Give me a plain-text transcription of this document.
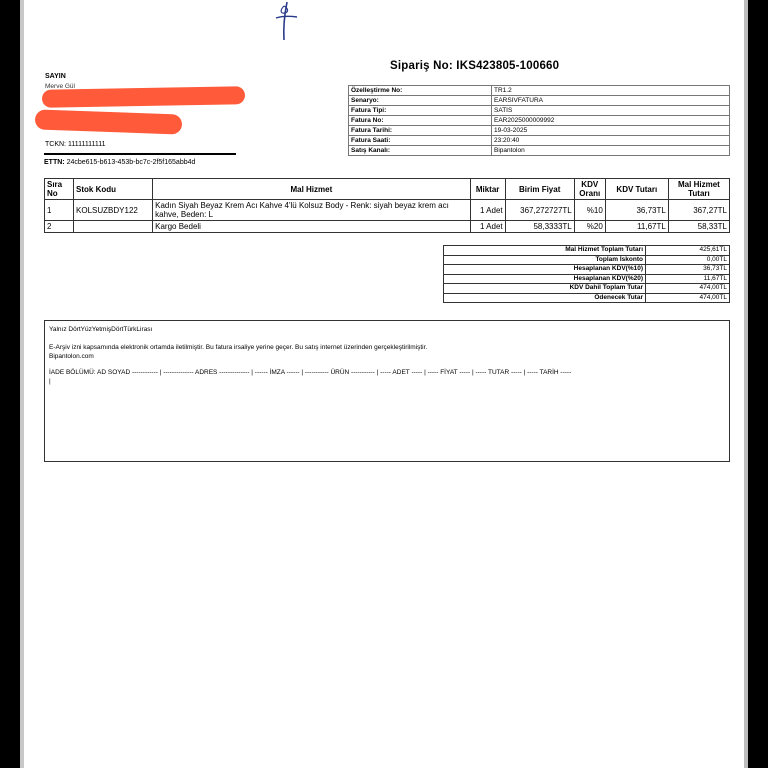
Sipariş No: IKS423805-100660
SAYIN
Merve Gül
TCKN: 11111111111
ETTN: 24cbe615-b613-453b-bc7c-2f5f165abb4d
Özelleştirme No:	TR1.2
Senaryo:	EARSIVFATURA
Fatura Tipi:	SATIS
Fatura No:	EAR2025000009992
Fatura Tarihi:	19-03-2025
Fatura Saati:	23:20:40
Satış Kanalı:	Bipantolon
Sıra No	Stok Kodu	Mal Hizmet	Miktar	Birim Fiyat	KDV Oranı	KDV Tutarı	Mal Hizmet Tutarı
1	KOLSUZBDY122	Kadın Siyah Beyaz Krem Acı Kahve 4'lü Kolsuz Body - Renk: siyah beyaz krem acı kahve, Beden: L	1 Adet	367,272727TL	%10	36,73TL	367,27TL
2		Kargo Bedeli	1 Adet	58,3333TL	%20	11,67TL	58,33TL
Mal Hizmet Toplam Tutarı	425,61TL
Toplam İskonto	0,00TL
Hesaplanan KDV(%10)	36,73TL
Hesaplanan KDV(%20)	11,67TL
KDV Dahil Toplam Tutar	474,00TL
Ödenecek Tutar	474,00TL
Yalnız DörtYüzYetmişDörtTürkLirası
E-Arşiv izni kapsamında elektronik ortamda iletilmiştir. Bu fatura irsaliye yerine geçer. Bu satış internet üzerinden gerçekleştirilmiştir.
Bipantolon.com
İADE BÖLÜMÜ: AD SOYAD ------------ | -------------- ADRES -------------- | ------ İMZA ------ | ----------- ÜRÜN ----------- | ----- ADET ----- | ----- FİYAT ----- | ----- TUTAR ----- | ----- TARİH -----
|
